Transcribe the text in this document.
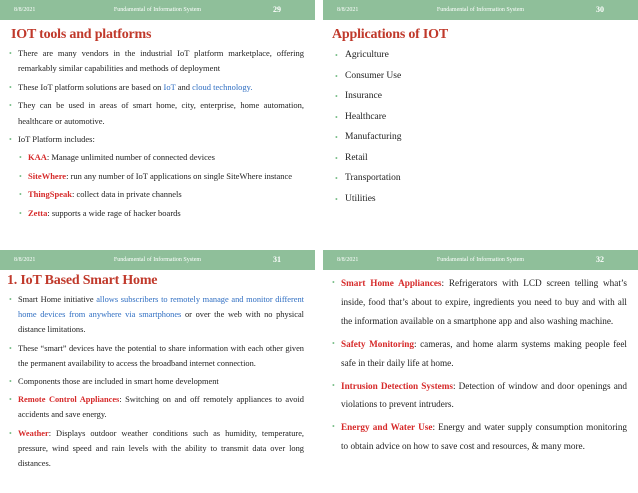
8/8/2021	Fundamental of Information System	29
IOT tools and platforms
• There are many vendors in the industrial IoT platform marketplace, offering remarkably similar capabilities and methods of deployment
• These IoT platform solutions are based on IoT and cloud technology.
• They can be used in areas of smart home, city, enterprise, home automation, healthcare or automotive.
• IoT Platform includes:
• KAA: Manage unlimited number of connected devices
• SiteWhere: run any number of IoT applications on single SiteWhere instance
• ThingSpeak: collect data in private channels
• Zetta: supports a wide rage of hacker boards
8/8/2021	Fundamental of Information System	30
Applications of IOT
• Agriculture
• Consumer Use
• Insurance
• Healthcare
• Manufacturing
• Retail
• Transportation
• Utilities
8/8/2021	Fundamental of Information System	31
1. IoT Based Smart Home
• Smart Home initiative allows subscribers to remotely manage and monitor different home devices from anywhere via smartphones or over the web with no physical distance limitations.
• These “smart” devices have the potential to share information with each other given the permanent availability to access the broadband internet connection.
• Components those are included in smart home development
• Remote Control Appliances: Switching on and off remotely appliances to avoid accidents and save energy.
• Weather: Displays outdoor weather conditions such as humidity, temperature, pressure, wind speed and rain levels with the ability to transmit data over long distances.
8/8/2021	Fundamental of Information System	32
• Smart Home Appliances: Refrigerators with LCD screen telling what’s inside, food that’s about to expire, ingredients you need to buy and with all the information available on a smartphone app and also washing machine.
• Safety Monitoring: cameras, and home alarm systems making people feel safe in their daily life at home.
• Intrusion Detection Systems: Detection of window and door openings and violations to prevent intruders.
• Energy and Water Use: Energy and water supply consumption monitoring to obtain advice on how to save cost and resources, & many more.
